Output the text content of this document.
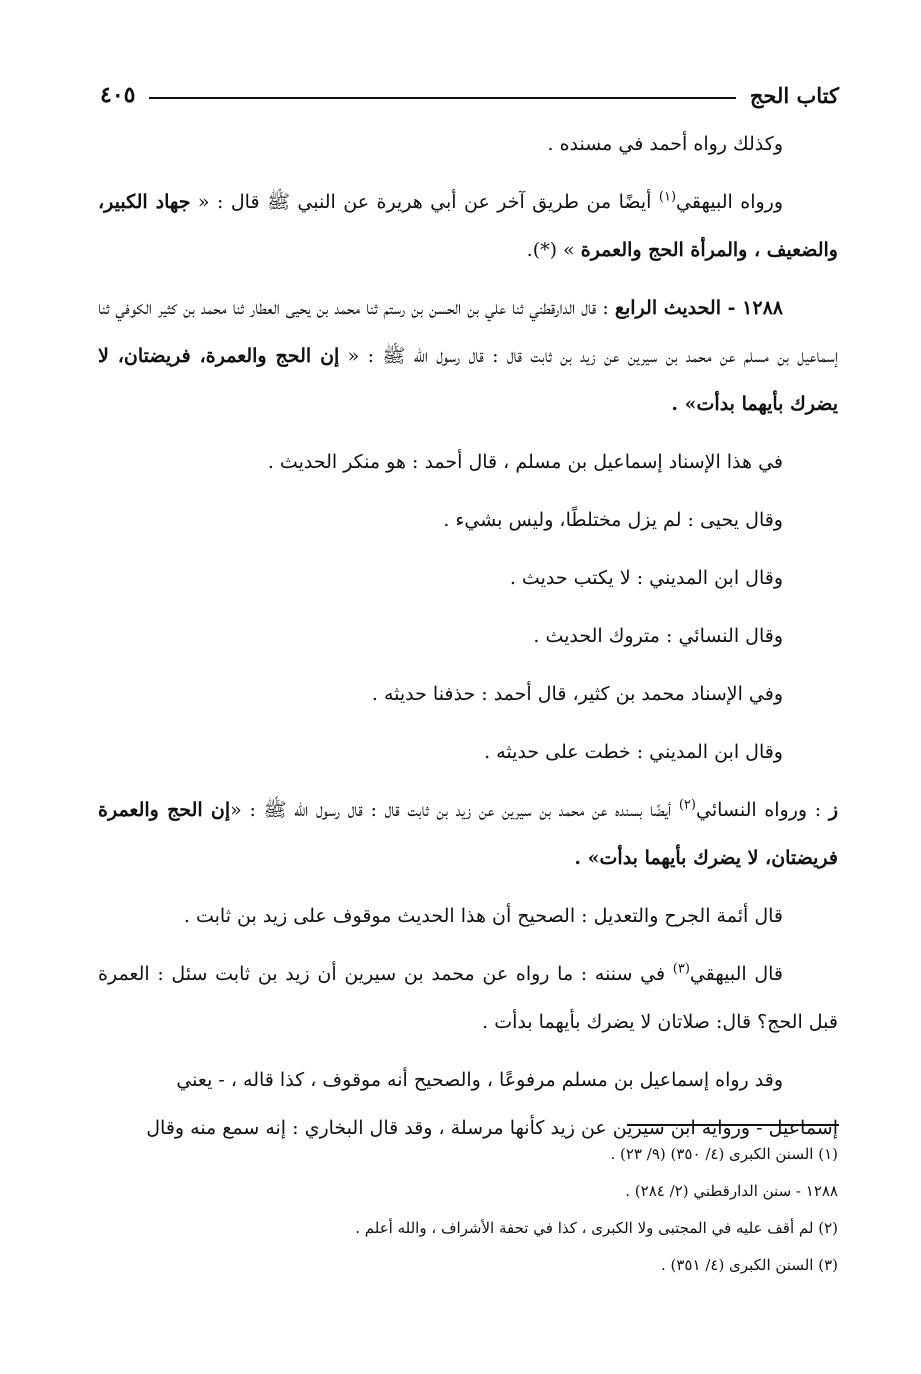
كتاب الحج
٤٠٥

وكذلك رواه أحمد في مسنده .

ورواه البيهقي$^{(١)}$ أيضًا من طريق آخر عن أبي هريرة عن النبي ﷺ قال : « جهاد الكبير، والضعيف ، والمرأة الحج والعمرة » (*).

١٢٨٨ - الحديث الرابع : قال الدارقطني ثنا علي بن الحسن بن رستم ثنا محمد بن يحيى العطار ثنا محمد بن كثير الكوفي ثنا إسماعيل بن مسلم عن محمد بن سيرين عن زيد بن ثابت قال : قال رسول الله ﷺ : « إن الحج والعمرة، فريضتان، لا يضرك بأيهما بدأت» .

في هذا الإسناد إسماعيل بن مسلم ، قال أحمد : هو منكر الحديث .

وقال يحيى : لم يزل مختلطًا، وليس بشيء .

وقال ابن المديني : لا يكتب حديث .

وقال النسائي : متروك الحديث .

وفي الإسناد محمد بن كثير، قال أحمد : حذفنا حديثه .

وقال ابن المديني : خطت على حديثه .

ز : ورواه النسائي$^{(٢)}$ أيضًا بسنده عن محمد بن سيرين عن زيد بن ثابت قال : قال رسول الله ﷺ : «إن الحج والعمرة فريضتان، لا يضرك بأيهما بدأت» .

قال أئمة الجرح والتعديل : الصحيح أن هذا الحديث موقوف على زيد بن ثابت .

قال البيهقي$^{(٣)}$ في سننه : ما رواه عن محمد بن سيرين أن زيد بن ثابت سئل : العمرة قبل الحج؟ قال: صلاتان لا يضرك بأيهما بدأت .

وقد رواه إسماعيل بن مسلم مرفوعًا ، والصحيح أنه موقوف ، كذا قاله ، - يعني
إسماعيل - ورواية ابن سيرين عن زيد كأنها مرسلة ، وقد قال البخاري : إنه سمع منه وقال

(١) السنن الكبرى (٤/ ٣٥٠) (٩/ ٢٣) .
١٢٨٨ - سنن الدارقطني (٢/ ٢٨٤) .
(٢) لم أقف عليه في المجتبى ولا الكبرى ، كذا في تحفة الأشراف ، والله أعلم .
(٣) السنن الكبرى (٤/ ٣٥١) .
